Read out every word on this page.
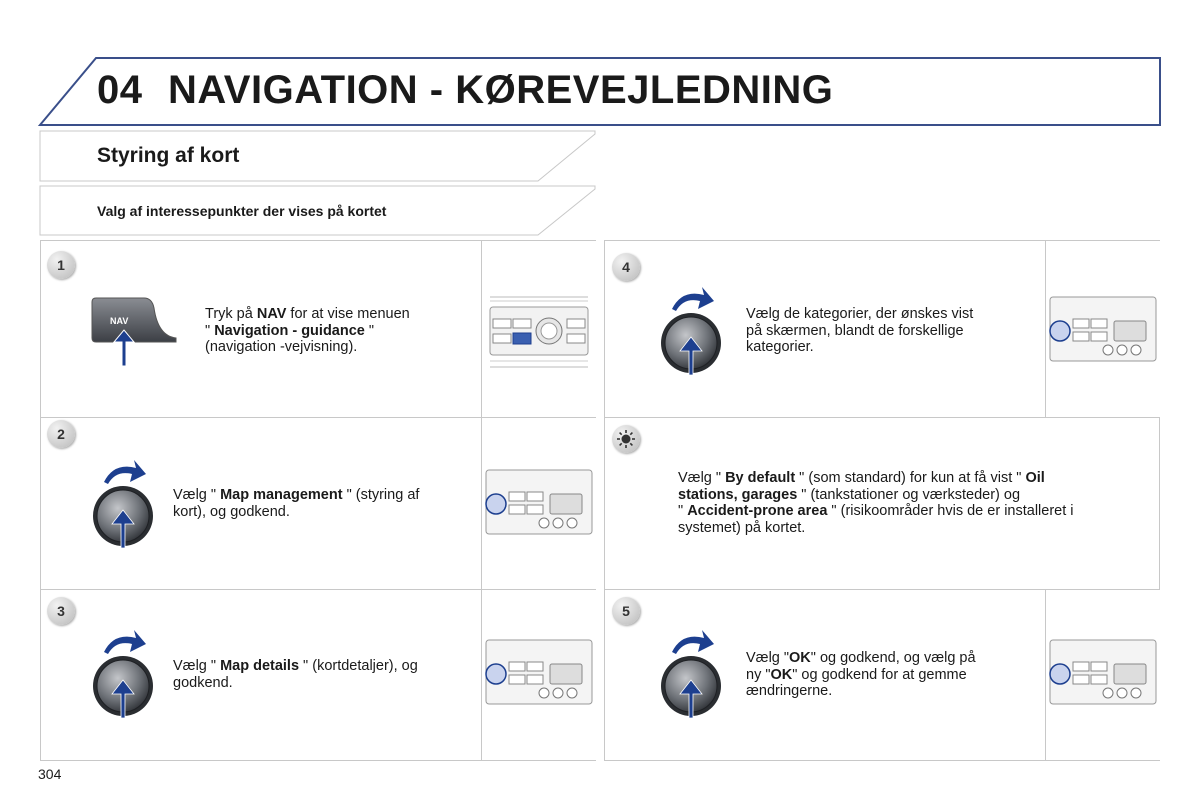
04 NAVIGATION - KØREVEJLEDNING
Styring af kort
Valg af interessepunkter der vises på kortet
1
2
3
4
5
NAV	Tryk på NAV for at vise menuen
" Navigation - guidance "
(navigation -vejvisning).
Vælg " Map management " (styring af
kort), og godkend.
Vælg " Map details " (kortdetaljer), og
godkend.
Vælg de kategorier, der ønskes vist
på skærmen, blandt de forskellige
kategorier.
Vælg " By default " (som standard) for kun at få vist " Oil
stations, garages " (tankstationer og værksteder) og
" Accident-prone area " (risikoområder hvis de er installeret i
systemet) på kortet.
Vælg "OK" og godkend, og vælg på
ny "OK" og godkend for at gemme
ændringerne.
304
